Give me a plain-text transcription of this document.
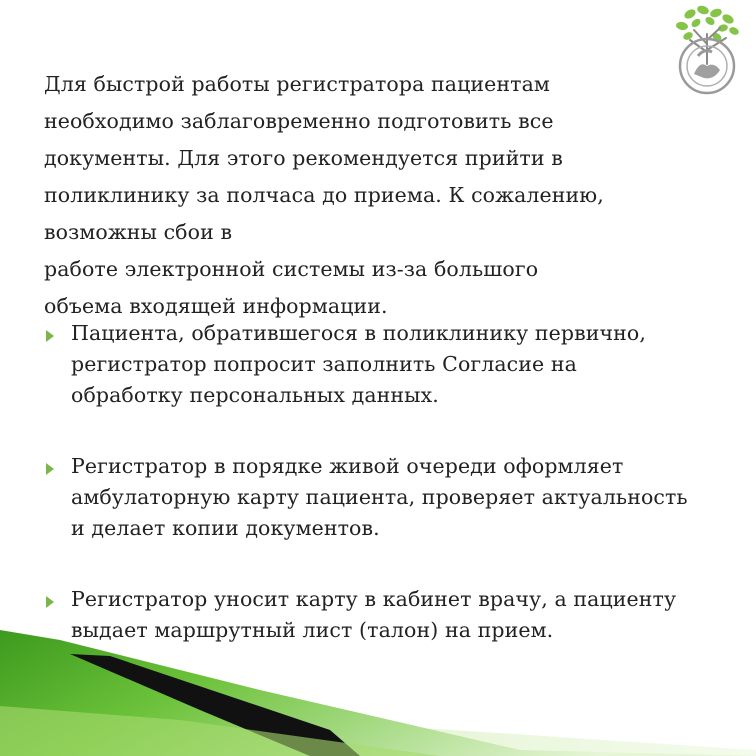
Для быстрой работы регистратора пациентам
необходимо заблаговременно подготовить все
документы. Для этого рекомендуется прийти в
поликлинику за полчаса до приема. К сожалению,
возможны сбои в
работе электронной системы из-за большого
объема входящей информации.
Пациента, обратившегося в поликлинику первично,
регистратор попросит заполнить Согласие на
обработку персональных данных.
Регистратор в порядке живой очереди оформляет
амбулаторную карту пациента, проверяет актуальность
и делает копии документов.
Регистратор уносит карту в кабинет врачу, а пациенту
выдает маршрутный лист (талон) на прием.
